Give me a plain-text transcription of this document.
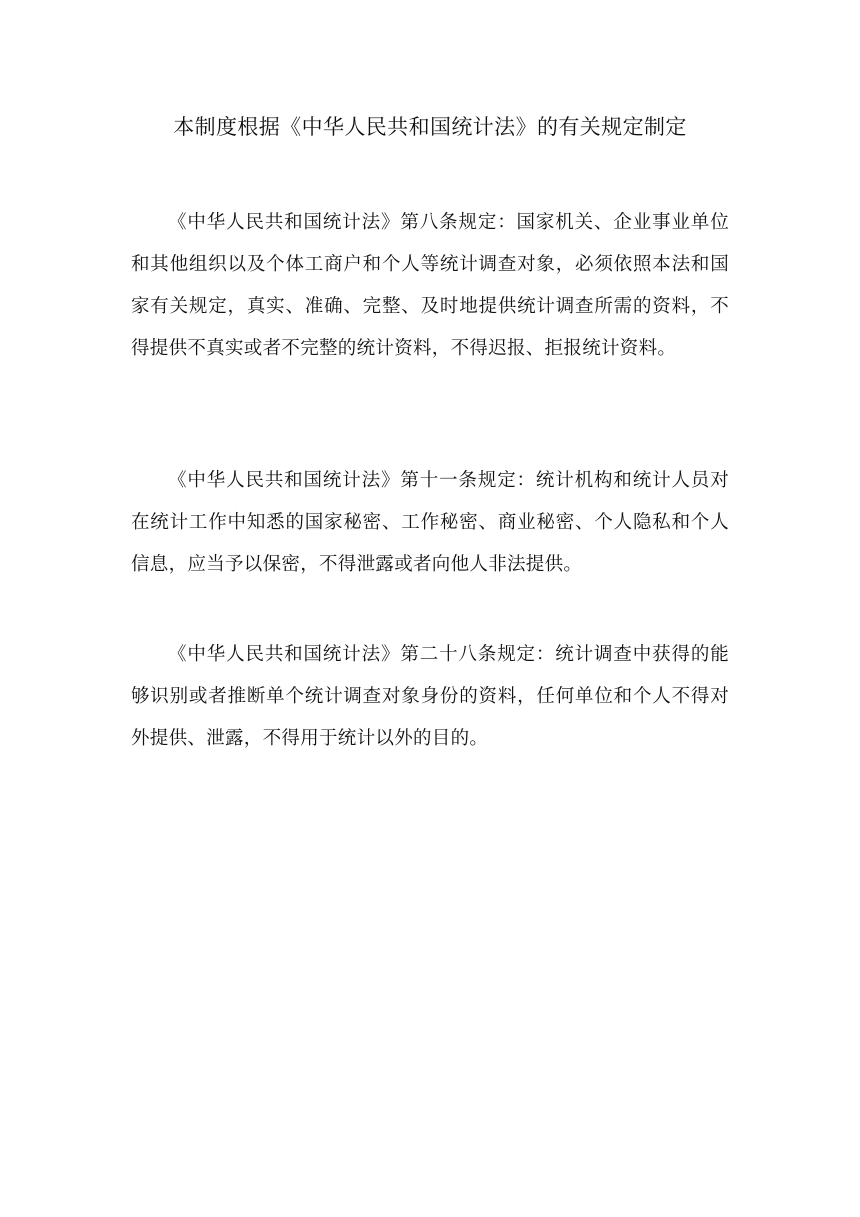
本制度根据《中华人民共和国统计法》的有关规定制定

《中华人民共和国统计法》第八条规定：国家机关、企业事业单位和其他组织以及个体工商户和个人等统计调查对象，必须依照本法和国家有关规定，真实、准确、完整、及时地提供统计调查所需的资料，不得提供不真实或者不完整的统计资料，不得迟报、拒报统计资料。

《中华人民共和国统计法》第十一条规定：统计机构和统计人员对在统计工作中知悉的国家秘密、工作秘密、商业秘密、个人隐私和个人信息，应当予以保密，不得泄露或者向他人非法提供。

《中华人民共和国统计法》第二十八条规定：统计调查中获得的能够识别或者推断单个统计调查对象身份的资料，任何单位和个人不得对外提供、泄露，不得用于统计以外的目的。
